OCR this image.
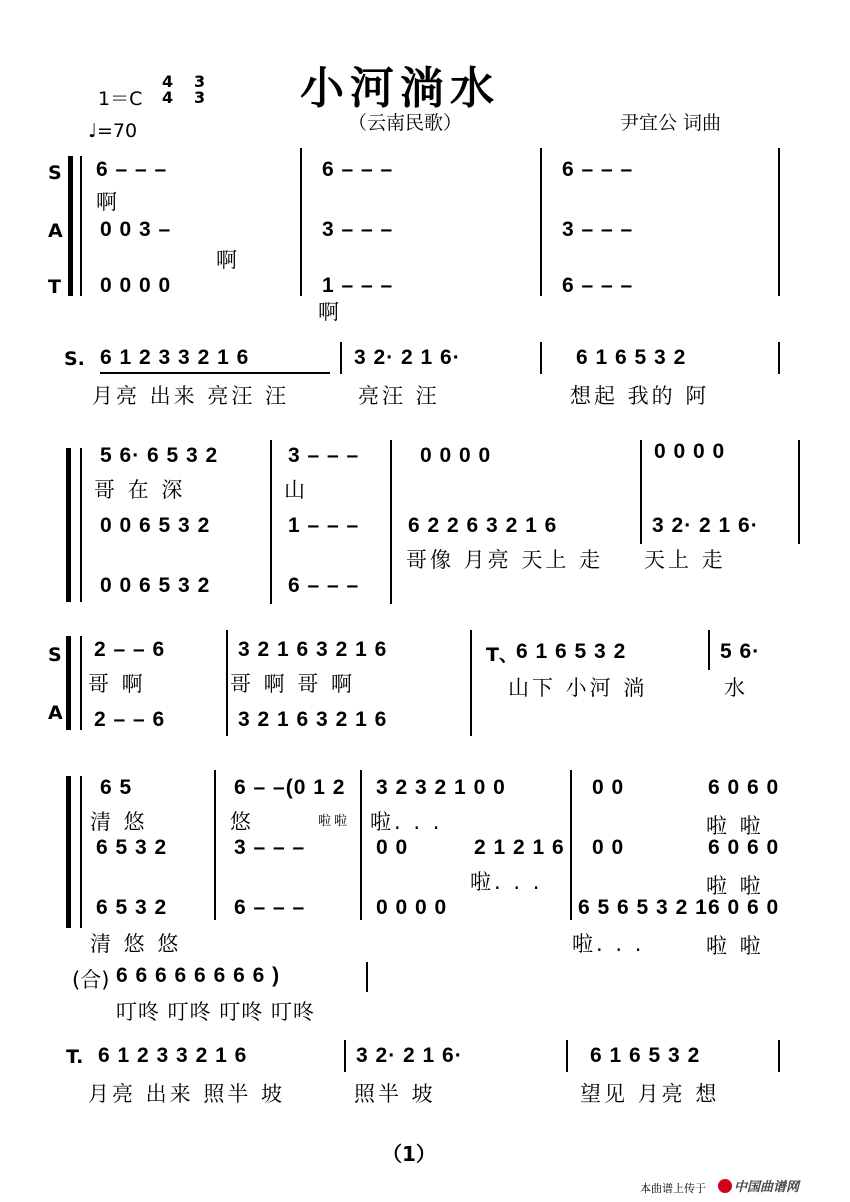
小河淌水
（云南民歌）	尹宜公 词曲
1＝C
4
4
3
3
♩=70
S
A
T
6 – – –	6 – – –	6 – – –
啊
0 0 3 –	3 – – –	3 – – –
啊
0 0 0 0	1 – – –	6 – – –
啊
S. 6 1 2 3 3 2 1 6	3 2· 2 1 6·	6 1 6 5 3 2
月亮 出来 亮汪 汪	亮汪 汪	想起 我的 阿
5 6· 6 5 3 2	3 – – –	0 0 0 0	0 0 0 0
哥 在 深	山
0 0 6 5 3 2	1 – – – 6 2 2 6 3 2 1 6	3 2· 2 1 6·
哥像 月亮 天上 走 天上 走
0 0 6 5 3 2	6 – – –
S
A
2 – – 6	3 2 1 6 3 2 1 6
哥 啊	哥 啊 哥 啊
2 – – 6	3 2 1 6 3 2 1 6
T、
6 1 6 5 3 2	5 6·
山下 小河 淌	水
6 5	6 – –(0 1 2 3 2 3 2 1 0 0	0 0	6 0 6 0
清 悠	悠	啦啦 啦. . .	啦 啦
6 5 3 2	3 – – –	0 0	2 1 2 1 6 0 0	6 0 6 0
啦. . .	啦 啦
6 5 3 2	6 – – –	0 0 0 0	6 5 6 5 3 2 1 6 0 6 0
清 悠 悠	啦. . .	啦 啦
(合) 6 6 6 6 6 6 6 6 )
叮咚 叮咚 叮咚 叮咚
T. 6 1 2 3 3 2 1 6	3 2· 2 1 6·	6 1 6 5 3 2
月亮 出来 照半 坡	照半 坡	望见 月亮 想
（1）
本曲谱上传于 中国曲谱网
